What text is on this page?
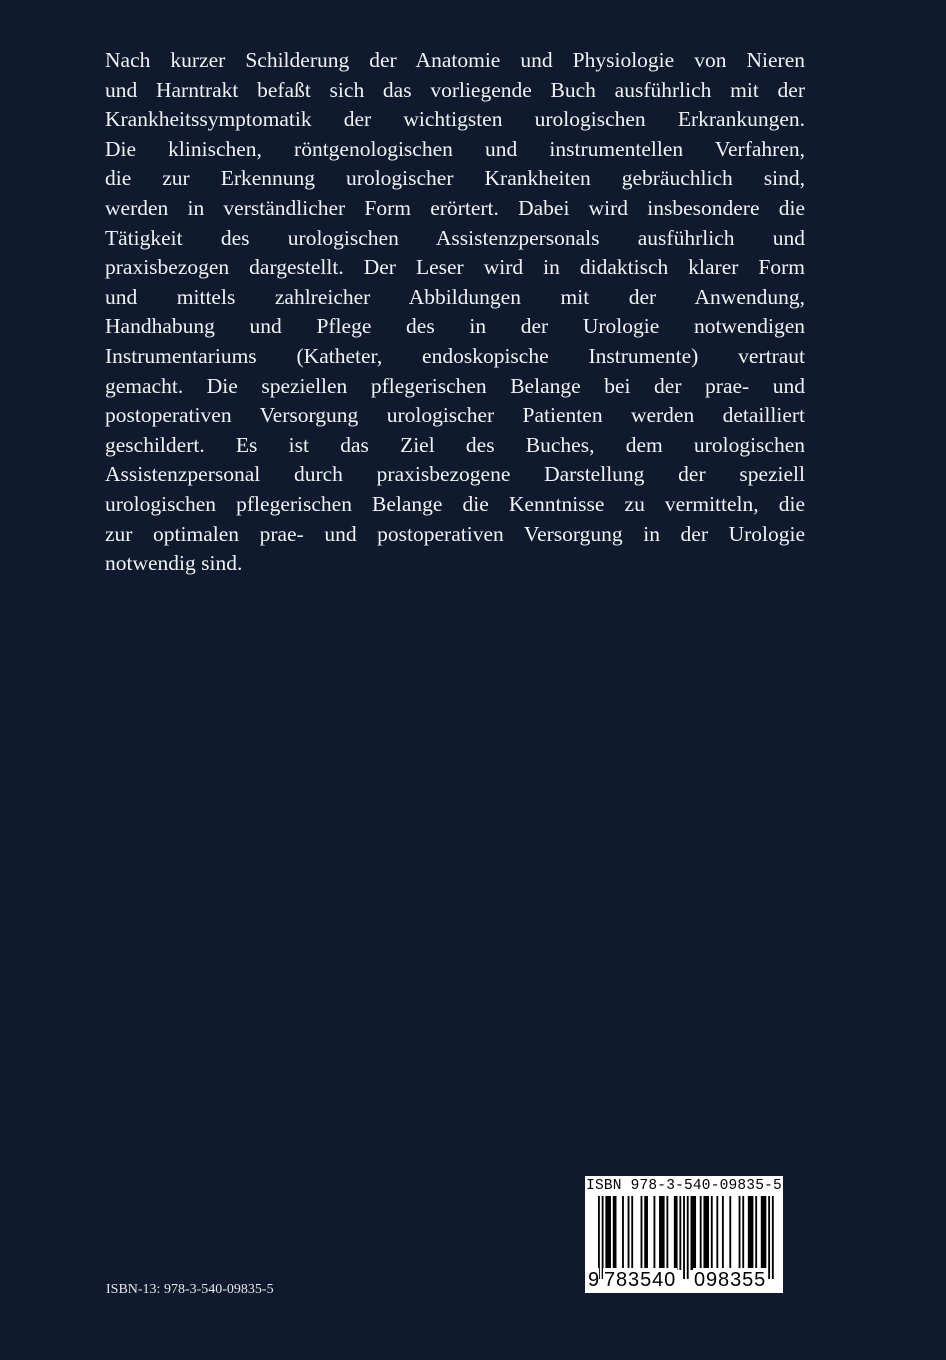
Nach kurzer Schilderung der Anatomie und Physiologie von Nieren
und Harntrakt befaßt sich das vorliegende Buch ausführlich mit der
Krankheitssymptomatik der wichtigsten urologischen Erkrankungen.
Die klinischen, röntgenologischen und instrumentellen Verfahren,
die zur Erkennung urologischer Krankheiten gebräuchlich sind,
werden in verständlicher Form erörtert. Dabei wird insbesondere die
Tätigkeit des urologischen Assistenzpersonals ausführlich und
praxisbezogen dargestellt. Der Leser wird in didaktisch klarer Form
und mittels zahlreicher Abbildungen mit der Anwendung,
Handhabung und Pflege des in der Urologie notwendigen
Instrumentariums (Katheter, endoskopische Instrumente) vertraut
gemacht. Die speziellen pflegerischen Belange bei der prae- und
postoperativen Versorgung urologischer Patienten werden detailliert
geschildert. Es ist das Ziel des Buches, dem urologischen
Assistenzpersonal durch praxisbezogene Darstellung der speziell
urologischen pflegerischen Belange die Kenntnisse zu vermitteln, die
zur optimalen prae- und postoperativen Versorgung in der Urologie
notwendig sind.
ISBN-13: 978-3-540-09835-5
ISBN 978-3-540-09835-5
9 783540 098355
